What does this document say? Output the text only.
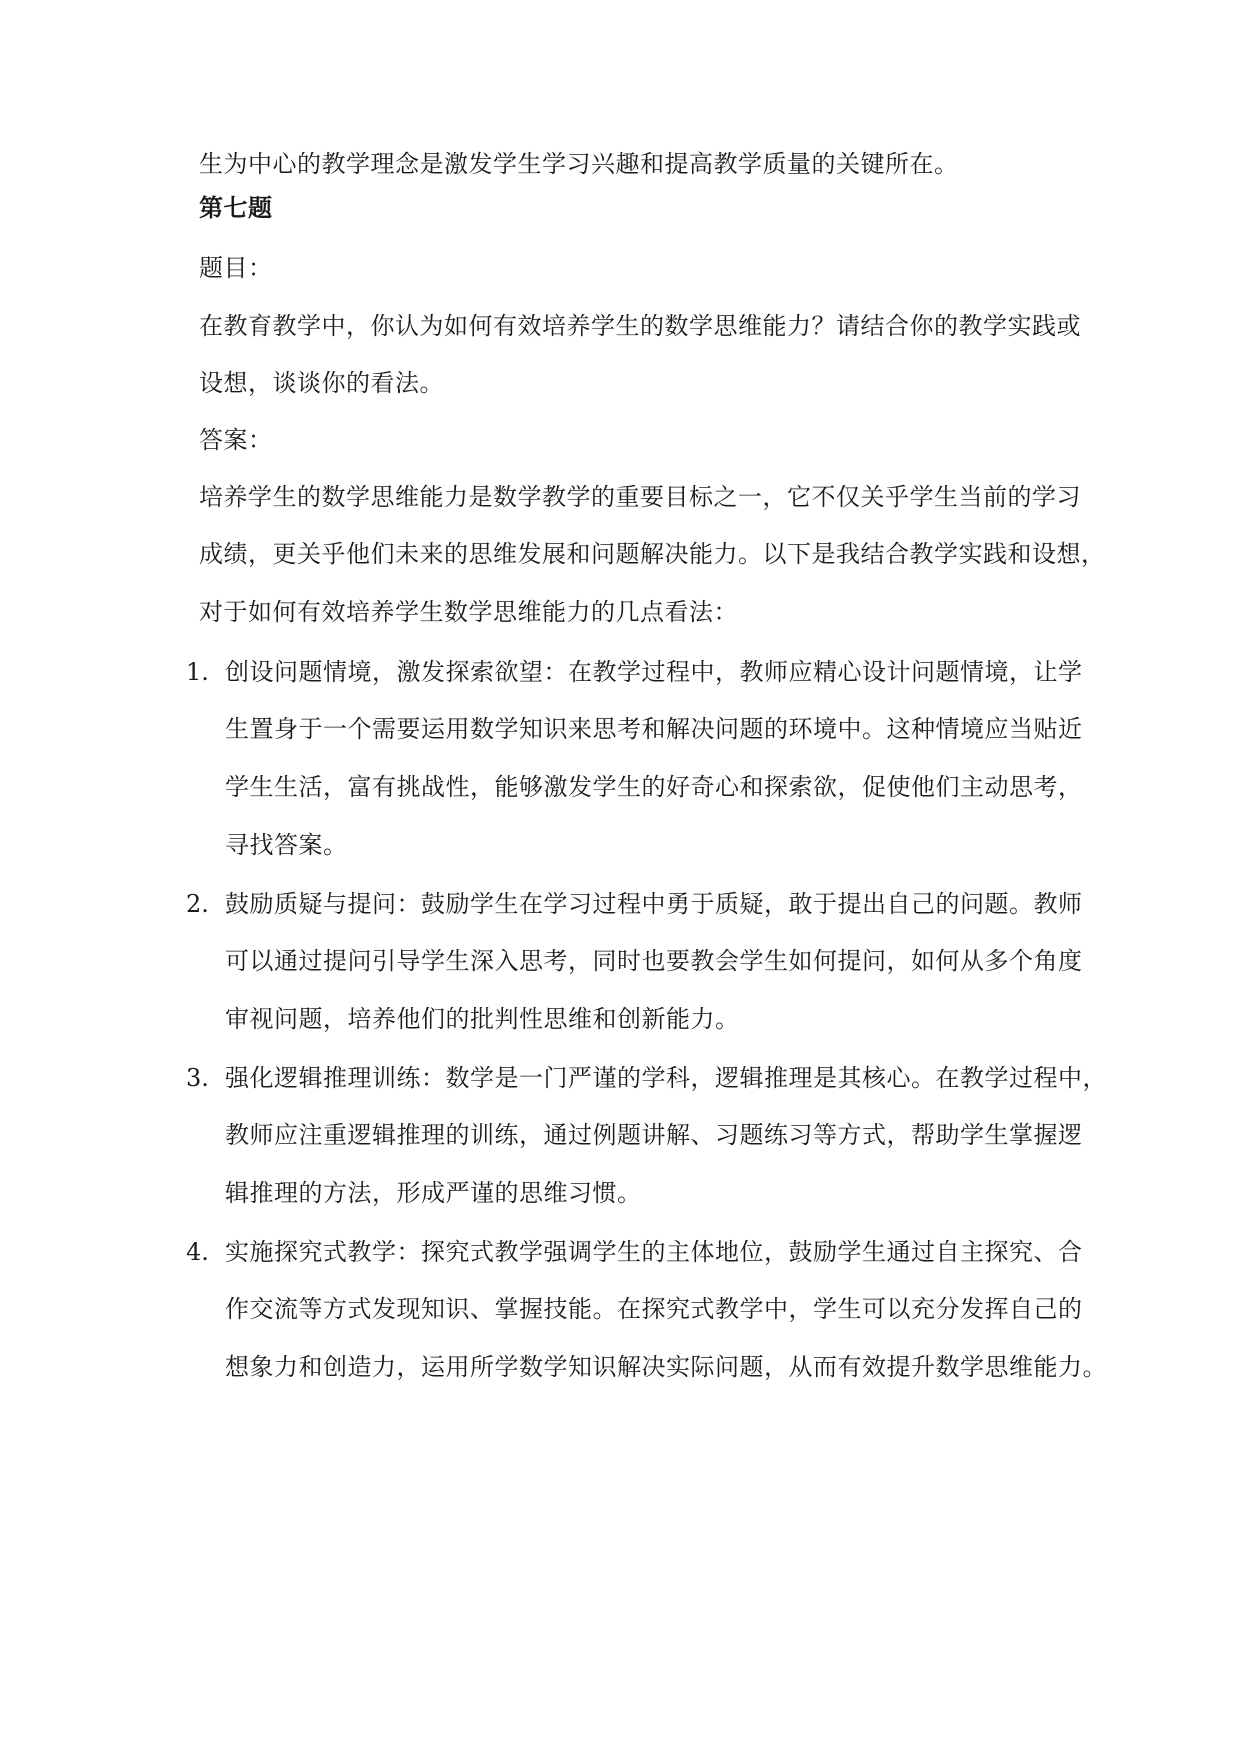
生为中心的教学理念是激发学生学习兴趣和提高教学质量的关键所在。
第七题
题目：
在教育教学中，你认为如何有效培养学生的数学思维能力？请结合你的教学实践或
设想，谈谈你的看法。
答案：
培养学生的数学思维能力是数学教学的重要目标之一，它不仅关乎学生当前的学习
成绩，更关乎他们未来的思维发展和问题解决能力。以下是我结合教学实践和设想，
对于如何有效培养学生数学思维能力的几点看法：
1. 创设问题情境，激发探索欲望：在教学过程中，教师应精心设计问题情境，让学
生置身于一个需要运用数学知识来思考和解决问题的环境中。这种情境应当贴近
学生生活，富有挑战性，能够激发学生的好奇心和探索欲，促使他们主动思考，
寻找答案。
2. 鼓励质疑与提问：鼓励学生在学习过程中勇于质疑，敢于提出自己的问题。教师
可以通过提问引导学生深入思考，同时也要教会学生如何提问，如何从多个角度
审视问题，培养他们的批判性思维和创新能力。
3. 强化逻辑推理训练：数学是一门严谨的学科，逻辑推理是其核心。在教学过程中，
教师应注重逻辑推理的训练，通过例题讲解、习题练习等方式，帮助学生掌握逻
辑推理的方法，形成严谨的思维习惯。
4. 实施探究式教学：探究式教学强调学生的主体地位，鼓励学生通过自主探究、合
作交流等方式发现知识、掌握技能。在探究式教学中，学生可以充分发挥自己的
想象力和创造力，运用所学数学知识解决实际问题，从而有效提升数学思维能力。
